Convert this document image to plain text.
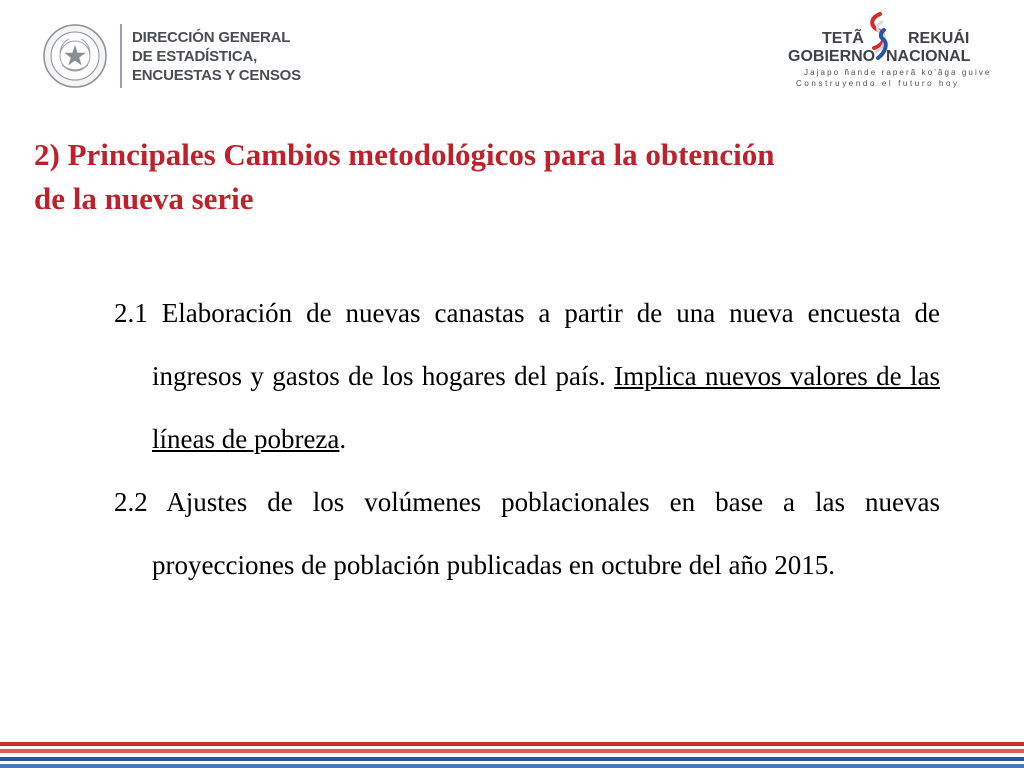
DIRECCIÓN GENERAL
DE ESTADÍSTICA,
ENCUESTAS Y CENSOS
TETÃ	REKUÁI
GOBIERNO NACIONAL
Jajapo ñande raperã ko'ãga guive
Construyendo el futuro hoy
2) Principales Cambios metodológicos para la obtención
de la nueva serie

2.1 Elaboración de nuevas canastas a partir de una nueva encuesta de ingresos y gastos de los hogares del país. Implica nuevos valores de las líneas de pobreza.

2.2 Ajustes de los volúmenes poblacionales en base a las nuevas proyecciones de población publicadas en octubre del año 2015.
